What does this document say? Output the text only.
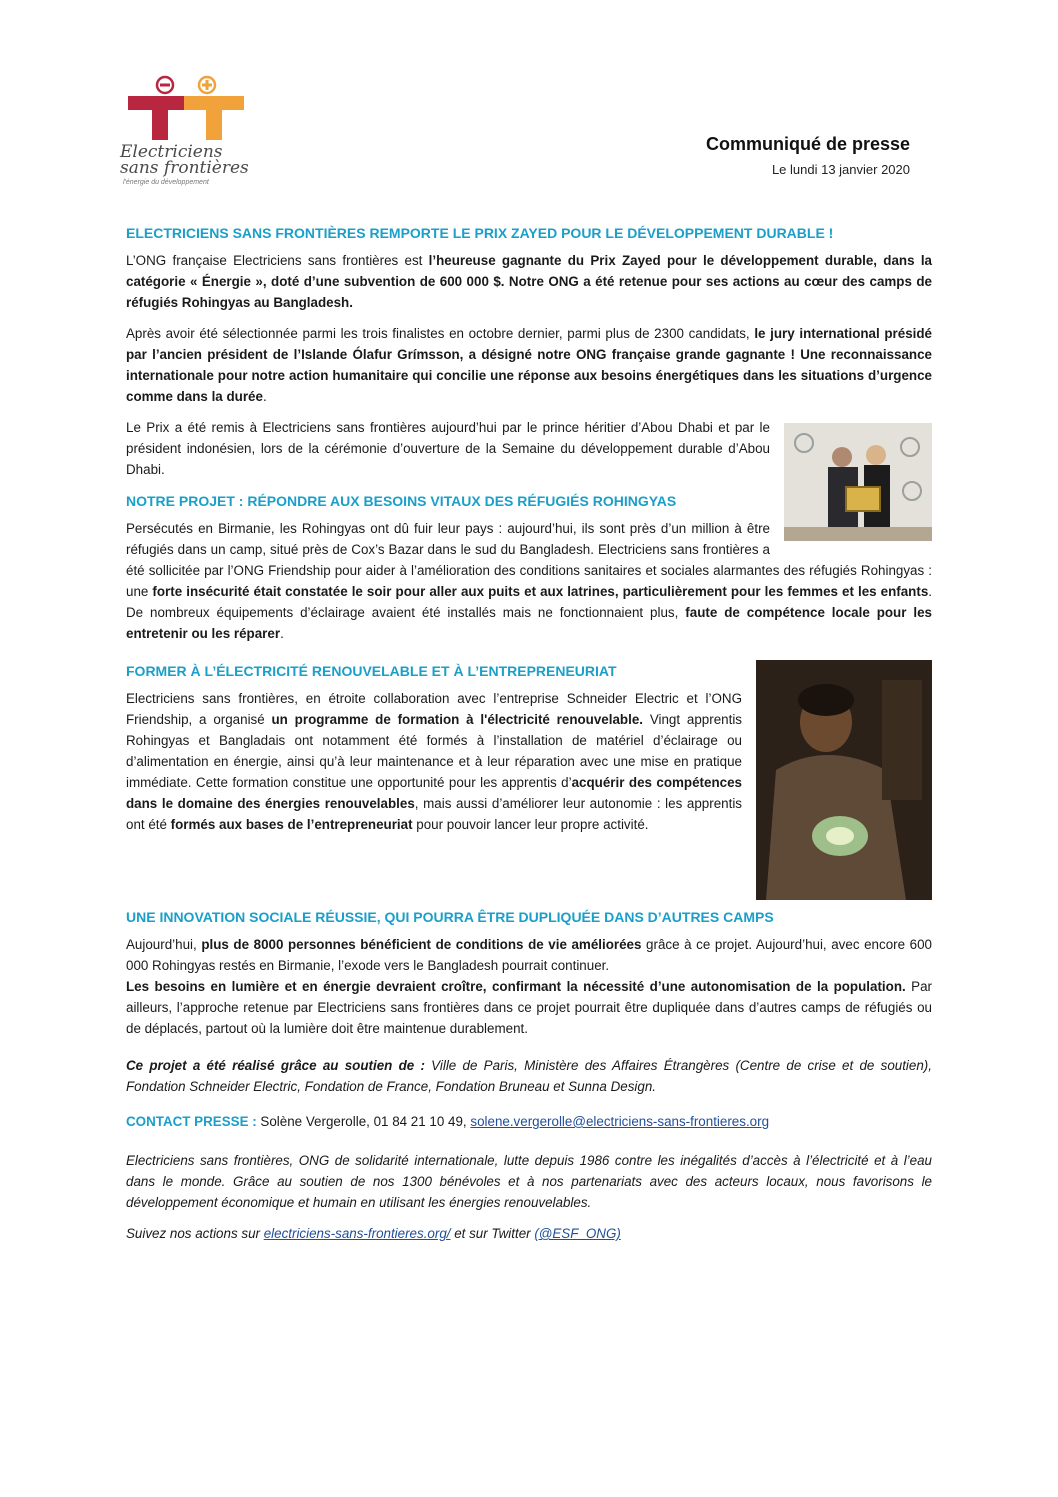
Electriciens
sans frontières
l'énergie du développement
Communiqué de presse
Le lundi 13 janvier 2020
ELECTRICIENS SANS FRONTIÈRES REMPORTE LE PRIX ZAYED POUR LE DÉVELOPPEMENT DURABLE !

L’ONG française Electriciens sans frontières est l’heureuse gagnante du Prix Zayed pour le développement durable, dans la catégorie « Énergie », doté d’une subvention de 600 000 $. Notre ONG a été retenue pour ses actions au cœur des camps de réfugiés Rohingyas au Bangladesh.

Après avoir été sélectionnée parmi les trois finalistes en octobre dernier, parmi plus de 2300 candidats, le jury international présidé par l’ancien président de l’Islande Ólafur Grímsson, a désigné notre ONG française grande gagnante ! Une reconnaissance internationale pour notre action humanitaire qui concilie une réponse aux besoins énergétiques dans les situations d’urgence comme dans la durée.

Le Prix a été remis à Electriciens sans frontières aujourd’hui par le prince héritier d’Abou Dhabi et par le président indonésien, lors de la cérémonie d’ouverture de la Semaine du développement durable d’Abou Dhabi.

NOTRE PROJET : RÉPONDRE AUX BESOINS VITAUX DES RÉFUGIÉS ROHINGYAS

Persécutés en Birmanie, les Rohingyas ont dû fuir leur pays : aujourd’hui, ils sont près d’un million à être réfugiés dans un camp, situé près de Cox’s Bazar dans le sud du Bangladesh. Electriciens sans frontières a été sollicitée par l’ONG Friendship pour aider à l’amélioration des conditions sanitaires et sociales alarmantes des réfugiés Rohingyas : une forte insécurité était constatée le soir pour aller aux puits et aux latrines, particulièrement pour les femmes et les enfants. De nombreux équipements d’éclairage avaient été installés mais ne fonctionnaient plus, faute de compétence locale pour les entretenir ou les réparer.

FORMER À L’ÉLECTRICITÉ RENOUVELABLE ET À L’ENTREPRENEURIAT

Electriciens sans frontières, en étroite collaboration avec l’entreprise Schneider Electric et l’ONG Friendship, a organisé un programme de formation à l'électricité renouvelable. Vingt apprentis Rohingyas et Bangladais ont notamment été formés à l’installation de matériel d’éclairage ou d’alimentation en énergie, ainsi qu’à leur maintenance et à leur réparation avec une mise en pratique immédiate. Cette formation constitue une opportunité pour les apprentis d’acquérir des compétences dans le domaine des énergies renouvelables, mais aussi d’améliorer leur autonomie : les apprentis ont été formés aux bases de l’entrepreneuriat pour pouvoir lancer leur propre activité.

UNE INNOVATION SOCIALE RÉUSSIE, QUI POURRA ÊTRE DUPLIQUÉE DANS D’AUTRES CAMPS

Aujourd’hui, plus de 8000 personnes bénéficient de conditions de vie améliorées grâce à ce projet. Aujourd’hui, avec encore 600 000 Rohingyas restés en Birmanie, l’exode vers le Bangladesh pourrait continuer.

Les besoins en lumière et en énergie devraient croître, confirmant la nécessité d’une autonomisation de la population. Par ailleurs, l’approche retenue par Electriciens sans frontières dans ce projet pourrait être dupliquée dans d’autres camps de réfugiés ou de déplacés, partout où la lumière doit être maintenue durablement.

Ce projet a été réalisé grâce au soutien de : Ville de Paris, Ministère des Affaires Étrangères (Centre de crise et de soutien), Fondation Schneider Electric, Fondation de France, Fondation Bruneau et Sunna Design.

CONTACT PRESSE : Solène Vergerolle, 01 84 21 10 49, solene.vergerolle@electriciens-sans-frontieres.org

Electriciens sans frontières, ONG de solidarité internationale, lutte depuis 1986 contre les inégalités d’accès à l’électricité et à l’eau dans le monde. Grâce au soutien de nos 1300 bénévoles et à nos partenariats avec des acteurs locaux, nous favorisons le développement économique et humain en utilisant les énergies renouvelables.

Suivez nos actions sur electriciens-sans-frontieres.org/ et sur Twitter (@ESF_ONG)
